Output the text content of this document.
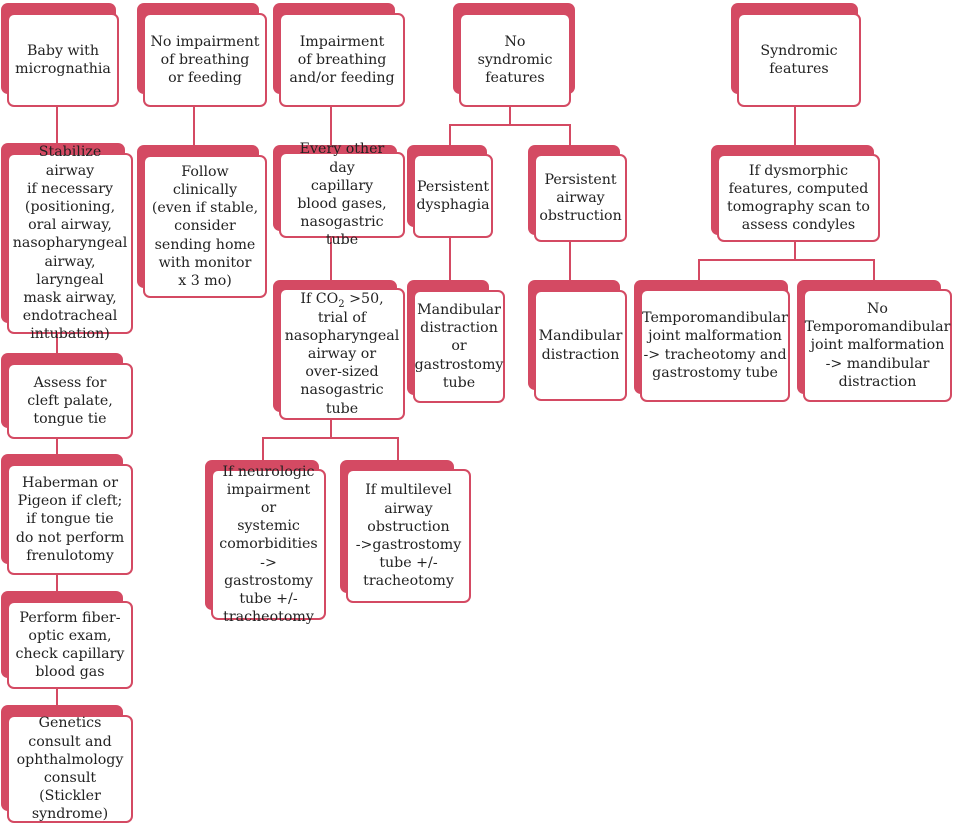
Baby with
micrognathia
Stabilize airway
if necessary
(positioning,
oral airway,
nasopharyngeal
airway, laryngeal
mask airway,
endotracheal
intubation)
Assess for
cleft palate,
tongue tie
Haberman or
Pigeon if cleft;
if tongue tie
do not perform
frenulotomy
Perform fiber-
optic exam,
check capillary
blood gas
Genetics
consult and
ophthalmology
consult (Stickler
syndrome)
No impairment
of breathing
or feeding
Follow
clinically
(even if stable,
consider
sending home
with monitor
x 3 mo)
Impairment
of breathing
and/or feeding
Every other day
capillary
blood gases,
nasogastric tube
If $CO_2 >50$,
trial of
nasopharyngeal
airway or
over-sized
nasogastric tube
If neurologic
impairment or
systemic
comorbidities
-> gastrostomy
tube +/-
tracheotomy
If multilevel
airway
obstruction
->gastrostomy
tube +/-
tracheotomy
No syndromic
features
Persistent
dysphagia
Persistent
airway
obstruction
Mandibular
distraction
or
gastrostomy
tube
Mandibular
distraction
Syndromic
features
If dysmorphic
features, computed
tomography scan to
assess condyles
Temporomandibular
joint malformation
-> tracheotomy and
gastrostomy tube
No
Temporomandibular
joint malformation
-> mandibular
distraction
